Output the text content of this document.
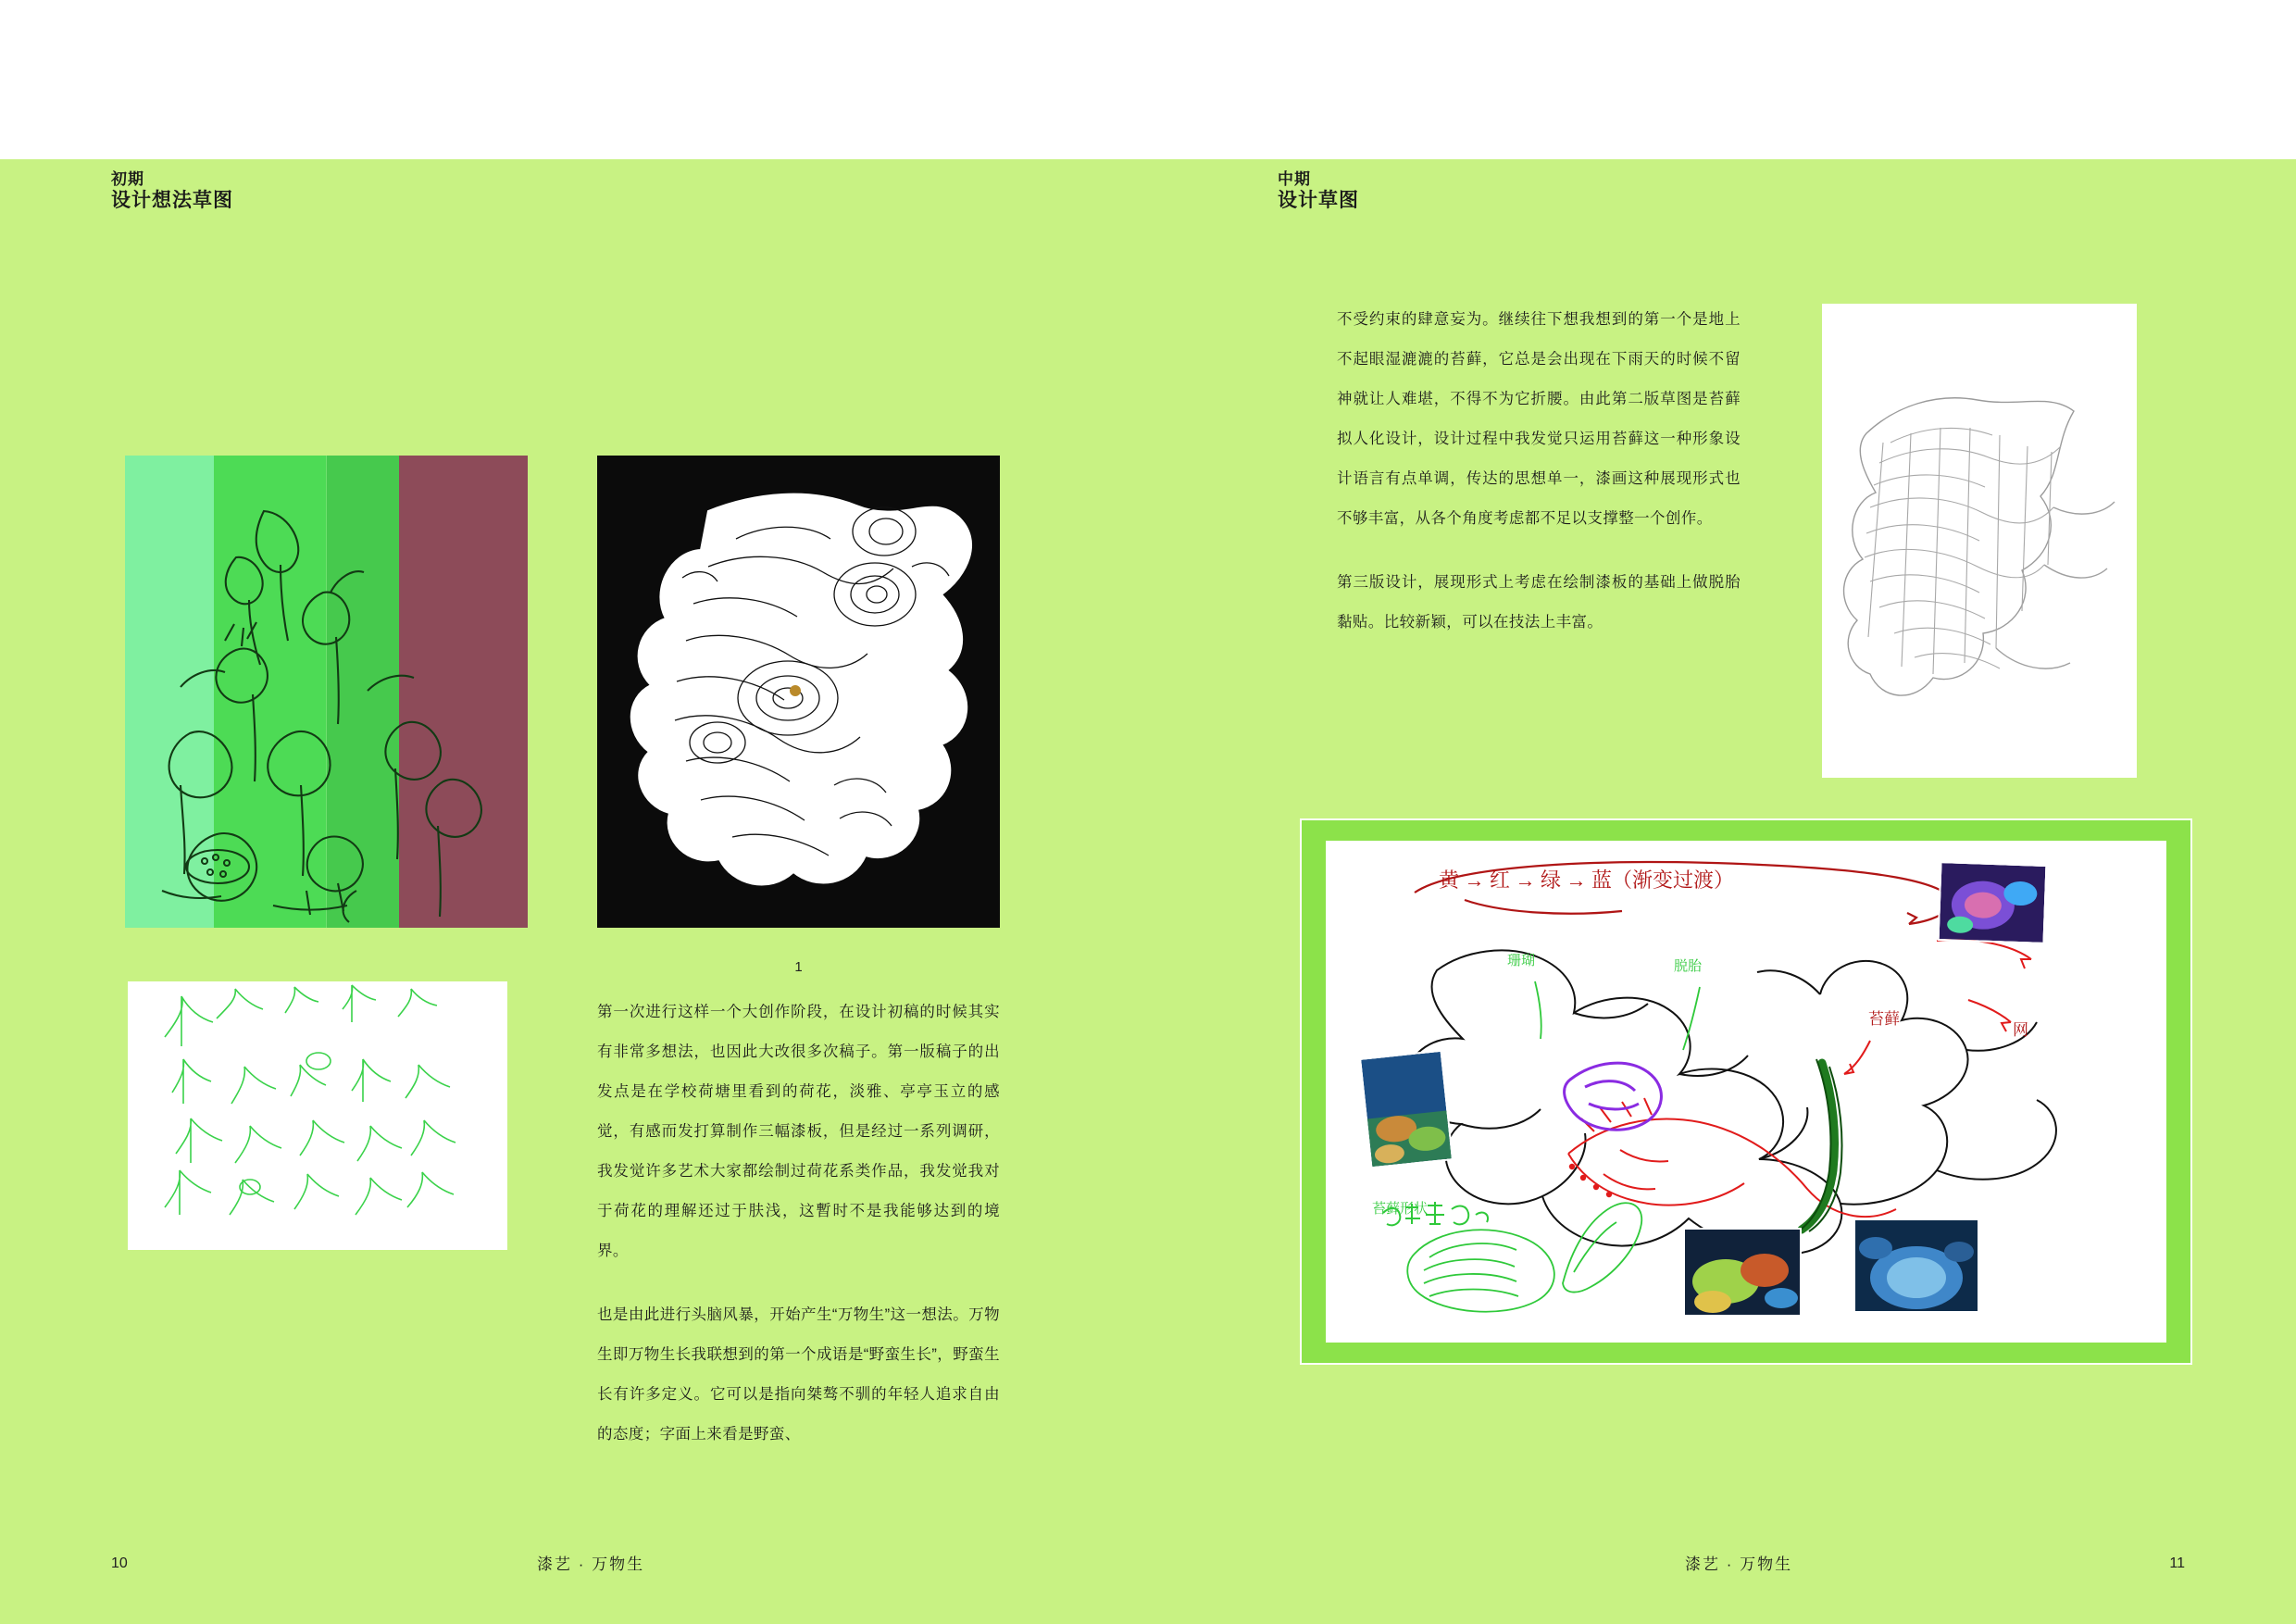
初期
设计想法草图
1

第一次进行这样一个大创作阶段，在设计初稿的时候其实有非常多想法，也因此大改很多次稿子。第一版稿子的出发点是在学校荷塘里看到的荷花，淡雅、亭亭玉立的感觉，有感而发打算制作三幅漆板，但是经过一系列调研，我发觉许多艺术大家都绘制过荷花系类作品，我发觉我对于荷花的理解还过于肤浅，这暫时不是我能够达到的境界。

也是由此进行头脑风暴，开始产生“万物生”这一想法。万物生即万物生长我联想到的第一个成语是“野蛮生长”，野蛮生长有许多定义。它可以是指向桀骜不驯的年轻人追求自由的态度；字面上来看是野蛮、

10	漆艺 · 万物生
中期
设计草图

不受约束的肆意妄为。继续往下想我想到的第一个是地上不起眼湿漉漉的苔藓，它总是会出现在下雨天的时候不留神就让人难堪，不得不为它折腰。由此第二版草图是苔藓拟人化设计，设计过程中我发觉只运用苔藓这一种形象设计语言有点单调，传达的思想单一，漆画这种展现形式也不够丰富，从各个角度考虑都不足以支撑整一个创作。

第三版设计，展现形式上考虑在绘制漆板的基础上做脱胎黏贴。比较新颖，可以在技法上丰富。

黄 → 红 → 绿 → 蓝（渐变过渡）
珊瑚	脱胎
苔藓
网
苔藓形状
11
漆艺 · 万物生
